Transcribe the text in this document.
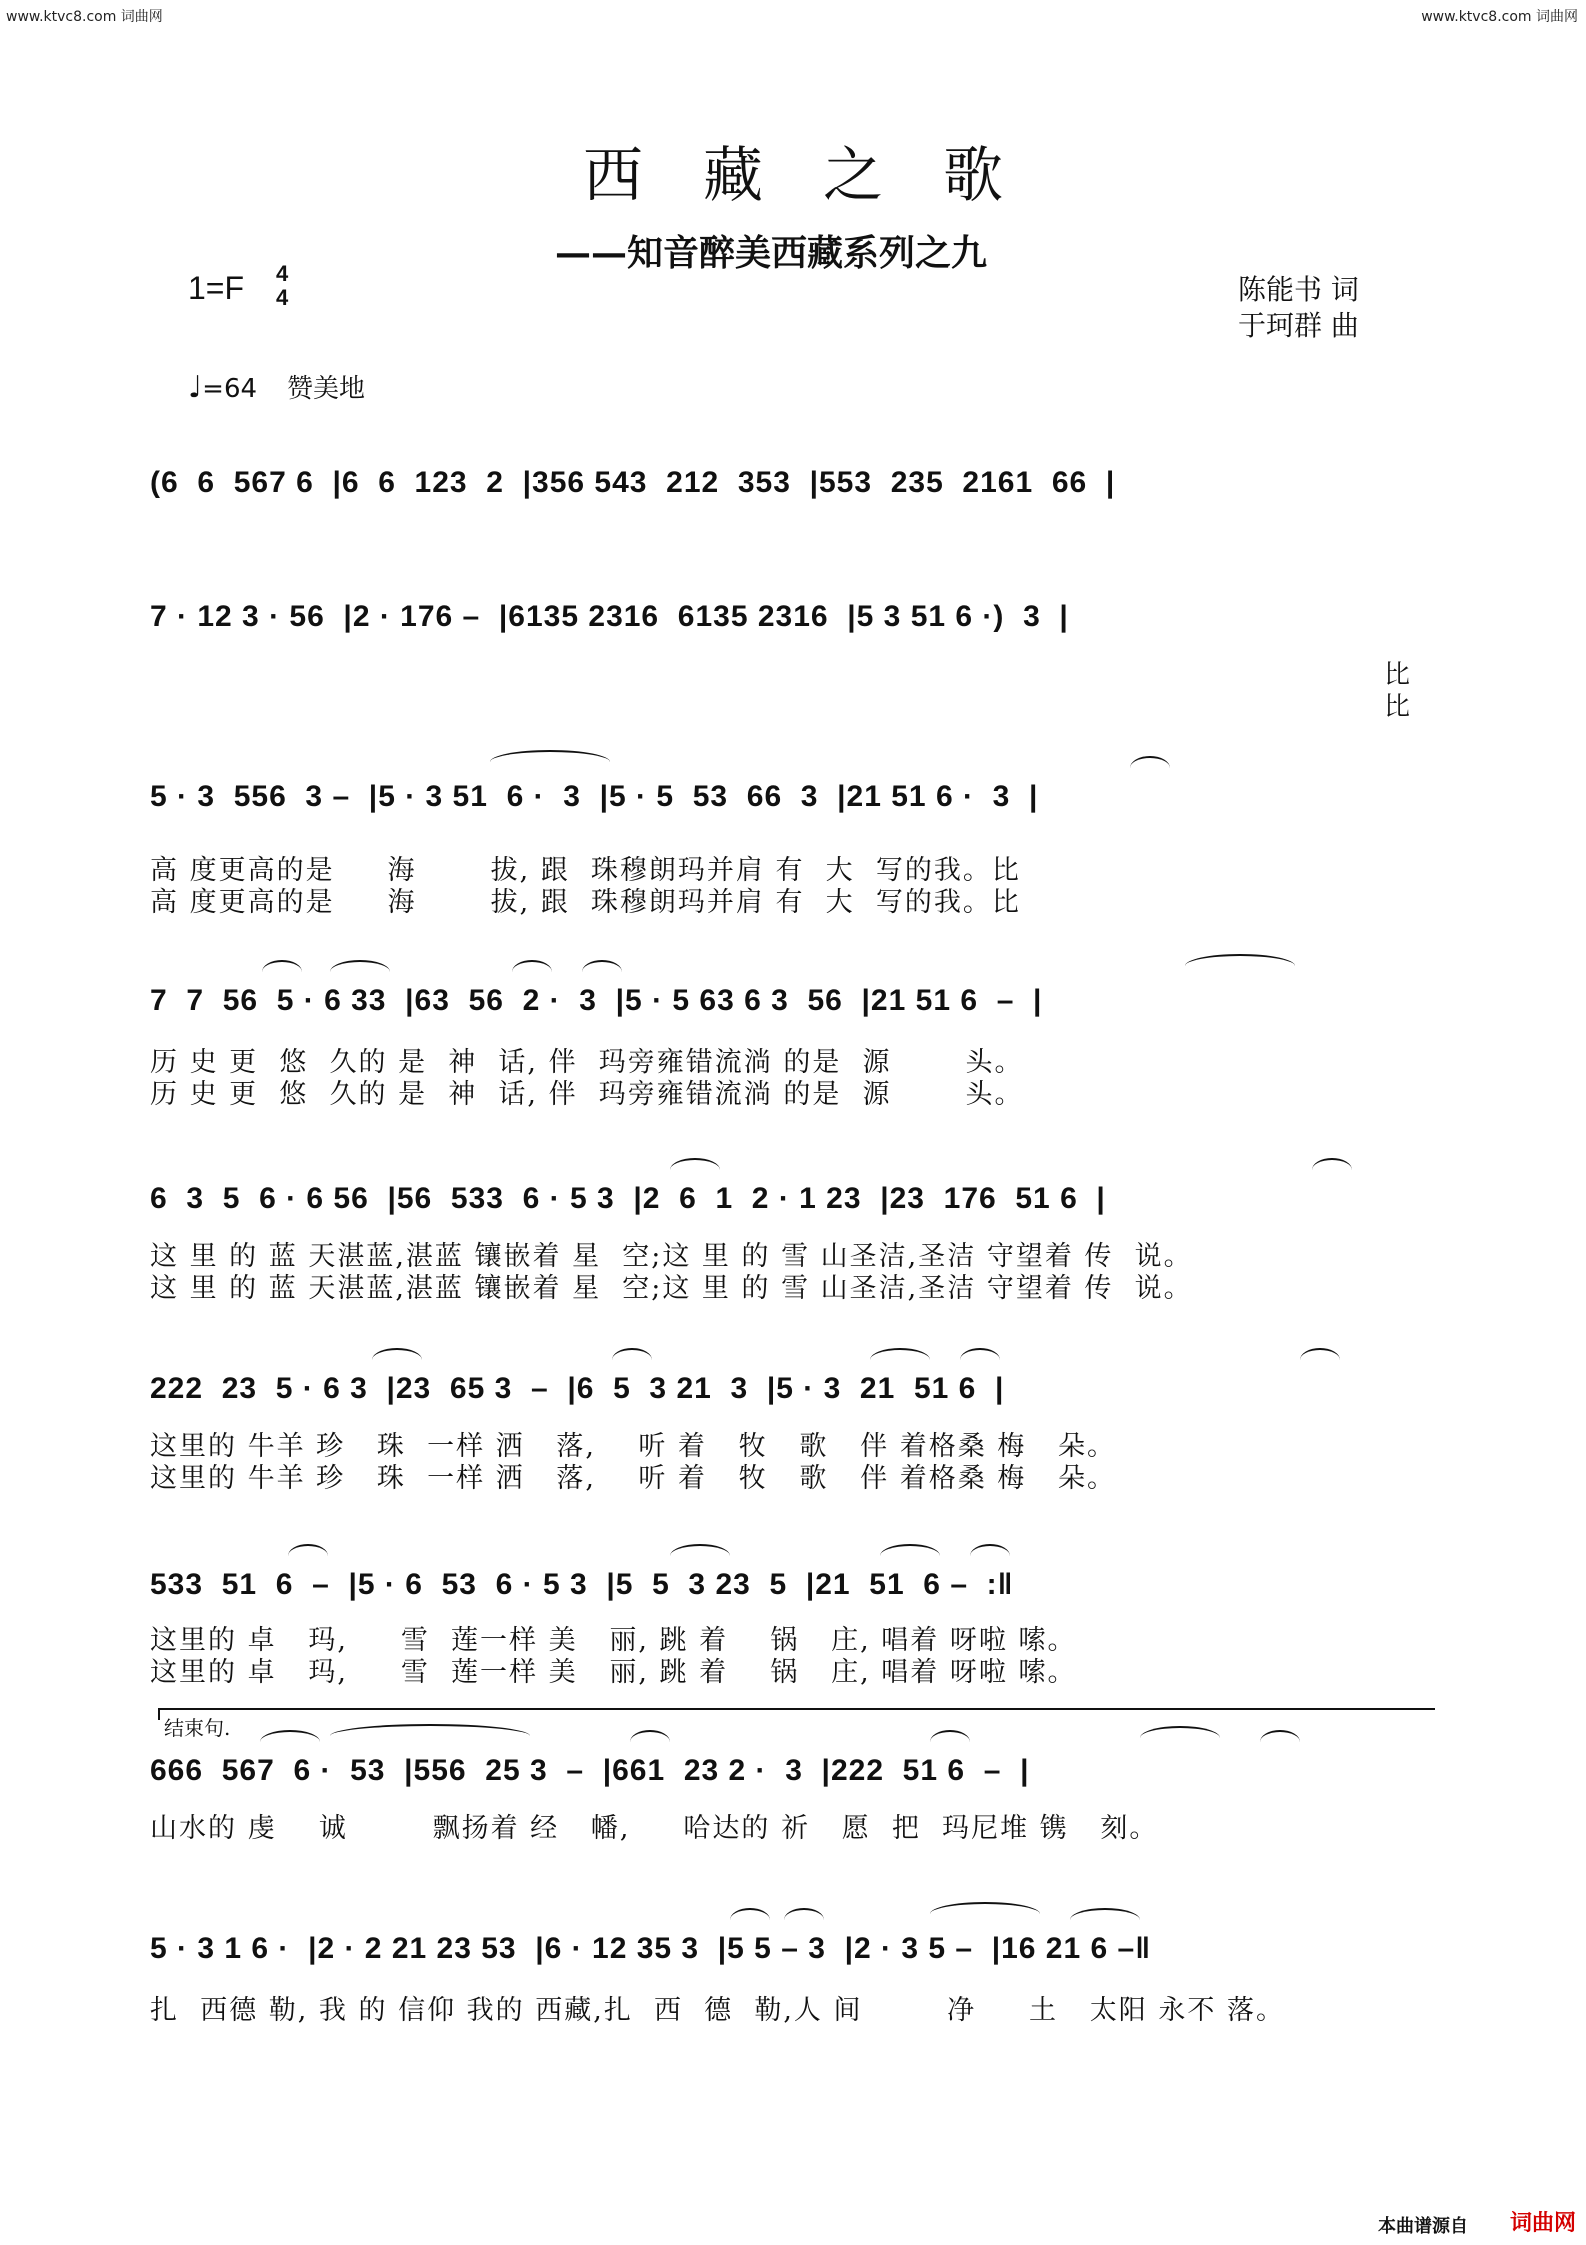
www.ktvc8.com 词曲网	www.ktvc8.com 词曲网
西藏之歌
——知音醉美西藏系列之九
1=F 4
4	陈能书 词
于珂群 曲
♩=64 赞美地
比
比
(6  6  567 6  |6  6  123  2  |356 543  212  353  |553  235  2161  66  |
7 · 12 3 · 56  |2 · 176 –  |6135 2316  6135 2316  |5 3 51 6 ·)  3  |
5 · 3  556  3 –  |5 · 3 51  6 ·  3  |5 · 5  53  66  3  |21 51 6 ·  3  |
高 度更高的是     海       拔, 跟  珠穆朗玛并肩 有  大  写的我。比
高 度更高的是     海       拔, 跟  珠穆朗玛并肩 有  大  写的我。比
7  7  56  5 · 6 33  |63  56  2 ·  3  |5 · 5 63 6 3  56  |21 51 6  –  |
历 史 更  悠  久的 是  神  话, 伴  玛旁雍错流淌 的是  源       头。
历 史 更  悠  久的 是  神  话, 伴  玛旁雍错流淌 的是  源       头。
6  3  5  6 · 6 56  |56  533  6 · 5 3  |2  6  1  2 · 1 23  |23  176  51 6  |
这 里 的 蓝 天湛蓝,湛蓝 镶嵌着 星  空;这 里 的 雪 山圣洁,圣洁 守望着 传  说。
这 里 的 蓝 天湛蓝,湛蓝 镶嵌着 星  空;这 里 的 雪 山圣洁,圣洁 守望着 传  说。
222  23  5 · 6 3  |23  65 3  –  |6  5  3 21  3  |5 · 3  21  51 6  |
这里的 牛羊 珍   珠  一样 洒   落,    听 着   牧   歌   伴 着格桑 梅   朵。
这里的 牛羊 珍   珠  一样 洒   落,    听 着   牧   歌   伴 着格桑 梅   朵。
533  51  6  –  |5 · 6  53  6 · 5 3  |5  5  3 23  5  |21  51  6 –  :‖
这里的 卓   玛,     雪  莲一样 美   丽, 跳 着    锅   庄, 唱着 呀啦 嗦。
这里的 卓   玛,     雪  莲一样 美   丽, 跳 着    锅   庄, 唱着 呀啦 嗦。
结束句.
666  567  6 ·  53  |556  25 3  –  |661  23 2 ·  3  |222  51 6  –  |
山水的 虔    诚        飘扬着 经   幡,     哈达的 祈   愿  把  玛尼堆 镌   刻。
5 · 3 1 6 ·  |2 · 2 21 23 53  |6 · 12 35 3  |5 5 – 3  |2 · 3 5 –  |16 21 6 –‖
扎  西德 勒, 我 的 信仰 我的 西藏,扎  西  德  勒,人 间        净     土   太阳 永不 落。
本曲谱源自 词曲网
